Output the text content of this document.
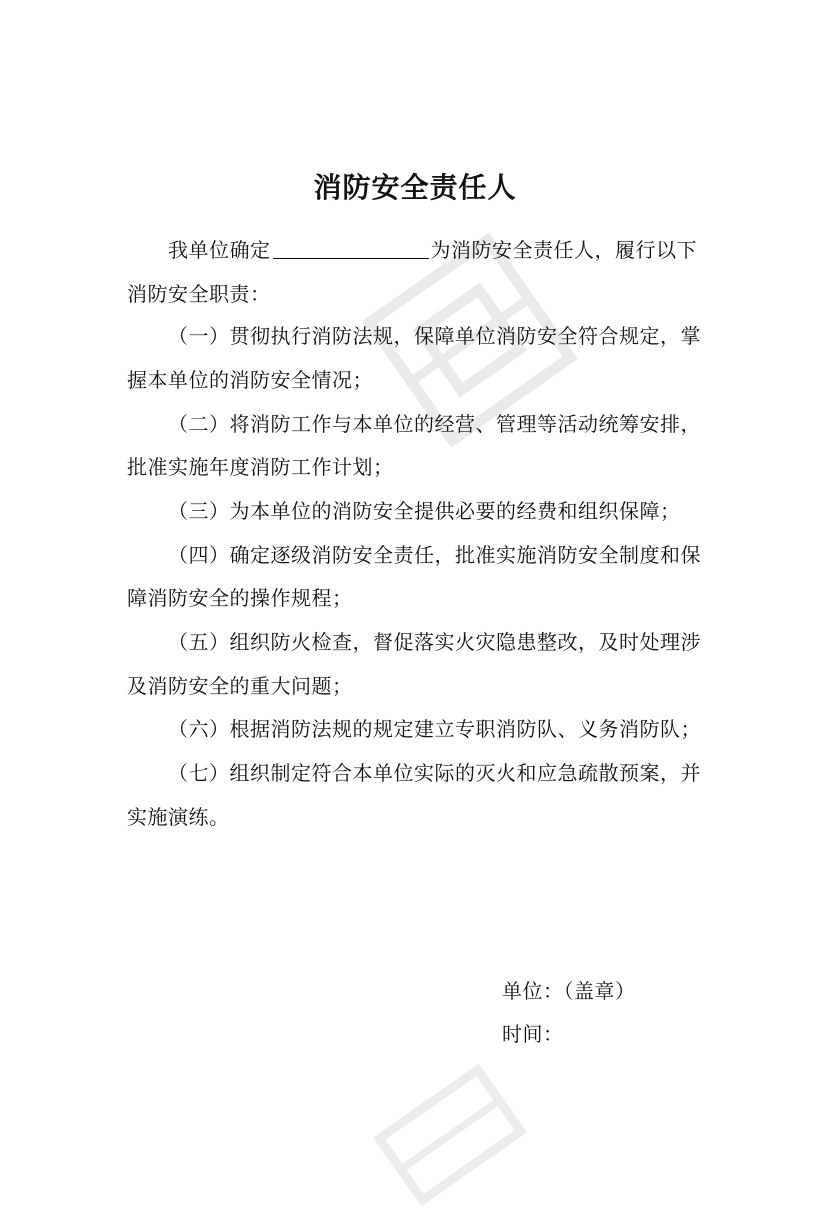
消防安全责任人
我单位确定	为消防安全责任人，履行以下
消防安全职责：
（一）贯彻执行消防法规，保障单位消防安全符合规定，掌
握本单位的消防安全情况；
（二）将消防工作与本单位的经营、管理等活动统筹安排，
批准实施年度消防工作计划；
（三）为本单位的消防安全提供必要的经费和组织保障；
（四）确定逐级消防安全责任，批准实施消防安全制度和保
障消防安全的操作规程；
（五）组织防火检查，督促落实火灾隐患整改，及时处理涉
及消防安全的重大问题；
（六）根据消防法规的规定建立专职消防队、义务消防队；
（七）组织制定符合本单位实际的灭火和应急疏散预案，并
实施演练。
单位：（盖章）
时间：
